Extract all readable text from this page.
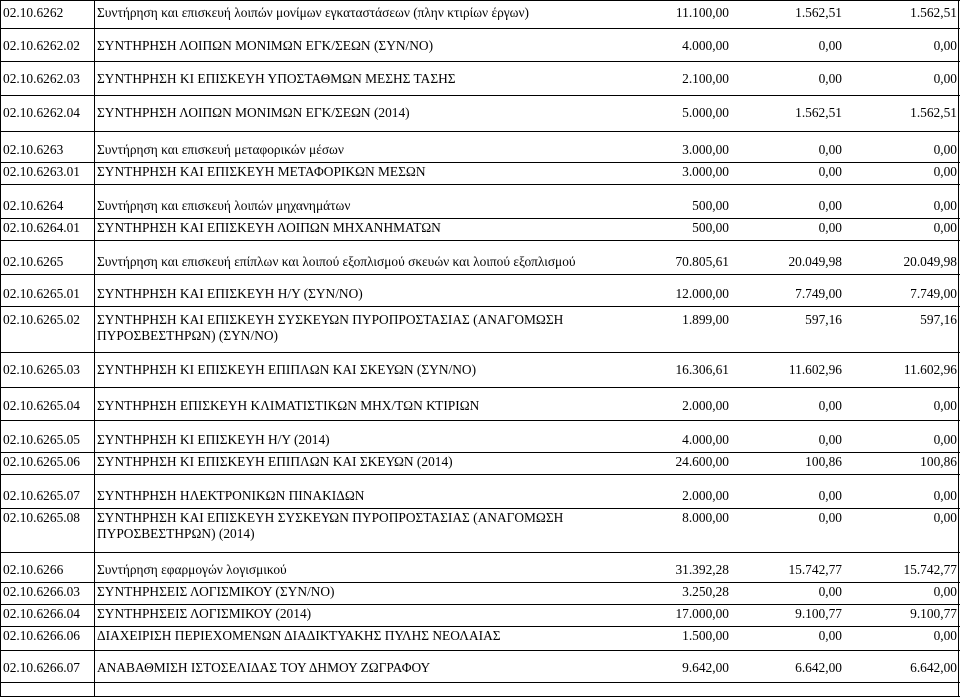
02.10.6262	Συντήρηση και επισκευή λοιπών μονίμων εγκαταστάσεων (πλην κτιρίων έργων)	11.100,00	1.562,51	1.562,51
02.10.6262.02 ΣΥΝΤΗΡΗΣΗ ΛΟΙΠΩΝ ΜΟΝΙΜΩΝ ΕΓΚ/ΣΕΩΝ (ΣΥΝ/ΝΟ)	4.000,00	0,00	0,00
02.10.6262.03 ΣΥΝΤΗΡΗΣΗ ΚΙ ΕΠΙΣΚΕΥΗ ΥΠΟΣΤΑΘΜΩΝ ΜΕΣΗΣ ΤΑΣΗΣ	2.100,00	0,00	0,00
02.10.6262.04 ΣΥΝΤΗΡΗΣΗ ΛΟΙΠΩΝ ΜΟΝΙΜΩΝ ΕΓΚ/ΣΕΩΝ (2014)	5.000,00	1.562,51	1.562,51
02.10.6263	Συντήρηση και επισκευή μεταφορικών μέσων	3.000,00	0,00	0,00
02.10.6263.01 ΣΥΝΤΗΡΗΣΗ ΚΑΙ ΕΠΙΣΚΕΥΗ ΜΕΤΑΦΟΡΙΚΩΝ ΜΕΣΩΝ	3.000,00	0,00	0,00
02.10.6264	Συντήρηση και επισκευή λοιπών μηχανημάτων	500,00	0,00	0,00
02.10.6264.01 ΣΥΝΤΗΡΗΣΗ ΚΑΙ ΕΠΙΣΚΕΥΗ ΛΟΙΠΩΝ ΜΗΧΑΝΗΜΑΤΩΝ	500,00	0,00	0,00
02.10.6265	Συντήρηση και επισκευή επίπλων και λοιπού εξοπλισμού σκευών και λοιπού εξοπλισμού	70.805,61	20.049,98	20.049,98
02.10.6265.01 ΣΥΝΤΗΡΗΣΗ ΚΑΙ ΕΠΙΣΚΕΥΗ Η/Υ (ΣΥΝ/ΝΟ)	12.000,00	7.749,00	7.749,00
02.10.6265.02 ΣΥΝΤΗΡΗΣΗ ΚΑΙ ΕΠΙΣΚΕΥΗ ΣΥΣΚΕΥΩΝ ΠΥΡΟΠΡΟΣΤΑΣΙΑΣ (ΑΝΑΓΟΜΩΣΗ ΠΥΡΟΣΒΕΣΤΗΡΩΝ) (ΣΥΝ/ΝΟ)
1.899,00	597,16	597,16
02.10.6265.03 ΣΥΝΤΗΡΗΣΗ ΚΙ ΕΠΙΣΚΕΥΗ ΕΠΙΠΛΩΝ ΚΑΙ ΣΚΕΥΩΝ (ΣΥΝ/ΝΟ)	16.306,61	11.602,96	11.602,96
02.10.6265.04 ΣΥΝΤΗΡΗΣΗ ΕΠΙΣΚΕΥΗ ΚΛΙΜΑΤΙΣΤΙΚΩΝ ΜΗΧ/ΤΩΝ ΚΤΙΡΙΩΝ	2.000,00	0,00	0,00
02.10.6265.05 ΣΥΝΤΗΡΗΣΗ ΚΙ ΕΠΙΣΚΕΥΗ Η/Υ (2014)	4.000,00	0,00	0,00
02.10.6265.06 ΣΥΝΤΗΡΗΣΗ ΚΙ ΕΠΙΣΚΕΥΗ ΕΠΙΠΛΩΝ ΚΑΙ ΣΚΕΥΩΝ (2014)	24.600,00	100,86	100,86
02.10.6265.07 ΣΥΝΤΗΡΗΣΗ ΗΛΕΚΤΡΟΝΙΚΩΝ ΠΙΝΑΚΙΔΩΝ	2.000,00	0,00	0,00
02.10.6265.08 ΣΥΝΤΗΡΗΣΗ ΚΑΙ ΕΠΙΣΚΕΥΗ ΣΥΣΚΕΥΩΝ ΠΥΡΟΠΡΟΣΤΑΣΙΑΣ (ΑΝΑΓΟΜΩΣΗ ΠΥΡΟΣΒΕΣΤΗΡΩΝ) (2014)
8.000,00	0,00	0,00
02.10.6266	Συντήρηση εφαρμογών λογισμικού	31.392,28	15.742,77	15.742,77
02.10.6266.03 ΣΥΝΤΗΡΗΣΕΙΣ ΛΟΓΙΣΜΙΚΟΥ (ΣΥΝ/ΝΟ)	3.250,28	0,00	0,00
02.10.6266.04 ΣΥΝΤΗΡΗΣΕΙΣ ΛΟΓΙΣΜΙΚΟΥ (2014)	17.000,00	9.100,77	9.100,77
02.10.6266.06 ΔΙΑΧΕΙΡΙΣΗ ΠΕΡΙΕΧΟΜΕΝΩΝ ΔΙΑΔΙΚΤΥΑΚΗΣ ΠΥΛΗΣ ΝΕΟΛΑΙΑΣ	1.500,00	0,00	0,00
02.10.6266.07 ΑΝΑΒΑΘΜΙΣΗ ΙΣΤΟΣΕΛΙΔΑΣ ΤΟΥ ΔΗΜΟΥ ΖΩΓΡΑΦΟΥ	9.642,00	6.642,00	6.642,00
